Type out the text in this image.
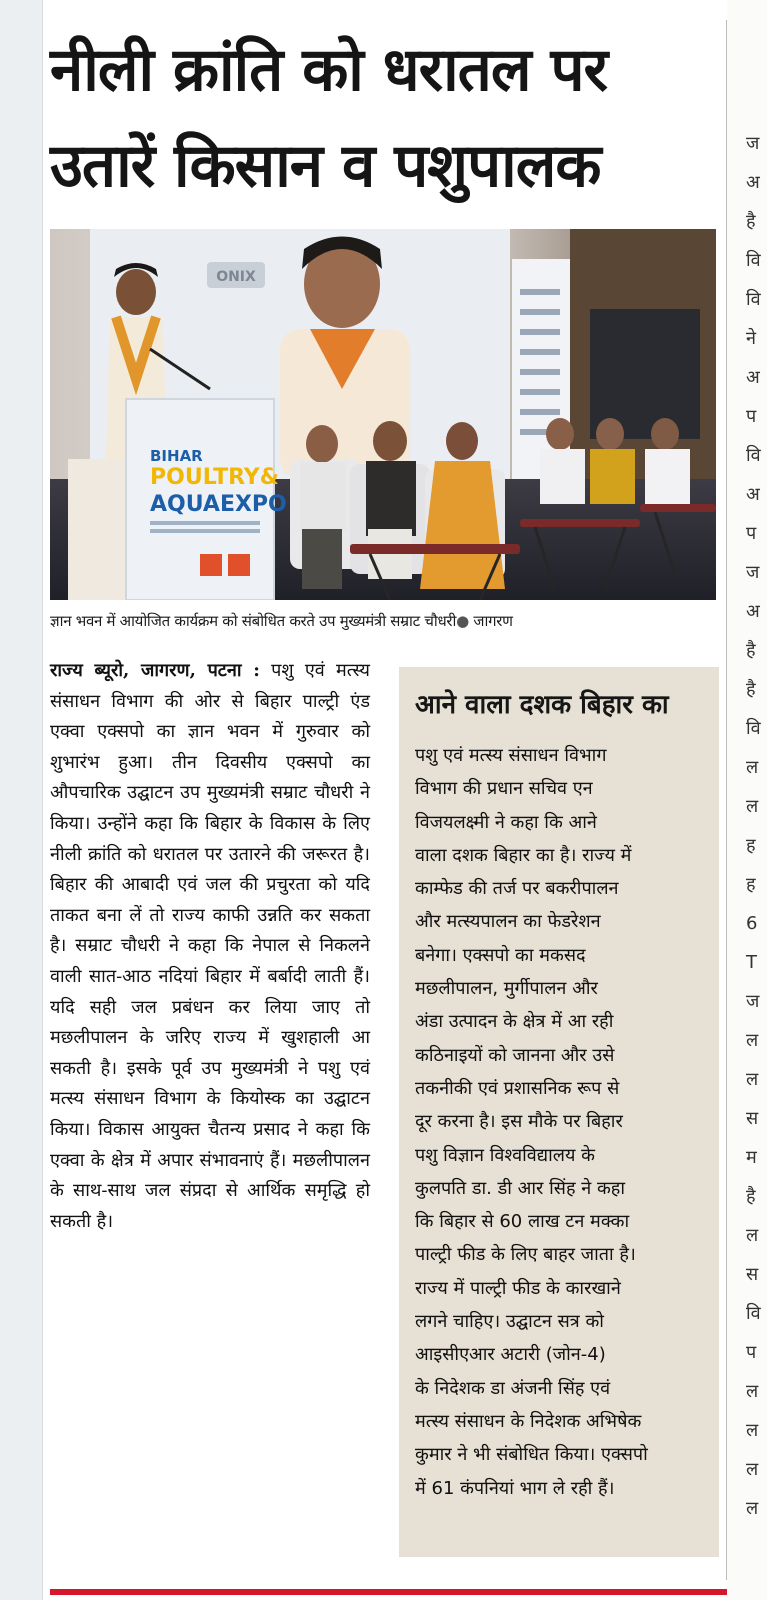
नीली क्रांति को धरातल पर उतारें किसान व पशुपालक
ONIX
BIHAR
POULTRY&
AQUAEXPO
ज्ञान भवन में आयोजित कार्यक्रम को संबोधित करते उप मुख्यमंत्री सम्राट चौधरी● जागरण
राज्य ब्यूरो, जागरण, पटना : पशु एवं मत्स्य संसाधन विभाग की ओर से बिहार पाल्ट्री एंड एक्वा एक्सपो का ज्ञान भवन में गुरुवार को शुभारंभ हुआ। तीन दिवसीय एक्सपो का औपचारिक उद्घाटन उप मुख्यमंत्री सम्राट चौधरी ने किया। उन्होंने कहा कि बिहार के विकास के लिए नीली क्रांति को धरातल पर उतारने की जरूरत है। बिहार की आबादी एवं जल की प्रचुरता को यदि ताकत बना लें तो राज्य काफी उन्नति कर सकता है। सम्राट चौधरी ने कहा कि नेपाल से निकलने वाली सात-आठ नदियां बिहार में बर्बादी लाती हैं। यदि सही जल प्रबंधन कर लिया जाए तो मछलीपालन के जरिए राज्य में खुशहाली आ सकती है। इसके पूर्व उप मुख्यमंत्री ने पशु एवं मत्स्य संसाधन विभाग के कियोस्क का उद्घाटन किया। विकास आयुक्त चैतन्य प्रसाद ने कहा कि एक्वा के क्षेत्र में अपार संभावनाएं हैं। मछलीपालन के साथ-साथ जल संप्रदा से आर्थिक समृद्धि हो सकती है।
आने वाला दशक बिहार का
पशु एवं मत्स्य संसाधन विभाग
विभाग की प्रधान सचिव एन
विजयलक्ष्मी ने कहा कि आने
वाला दशक बिहार का है। राज्य में
काम्फेड की तर्ज पर बकरीपालन
और मत्स्यपालन का फेडरेशन
बनेगा। एक्सपो का मकसद
मछलीपालन, मुर्गीपालन और
अंडा उत्पादन के क्षेत्र में आ रही
कठिनाइयों को जानना और उसे
तकनीकी एवं प्रशासनिक रूप से
दूर करना है। इस मौके पर बिहार
पशु विज्ञान विश्वविद्यालय के
कुलपति डा. डी आर सिंह ने कहा
कि बिहार से 60 लाख टन मक्का
पाल्ट्री फीड के लिए बाहर जाता है।
राज्य में पाल्ट्री फीड के कारखाने
लगने चाहिए। उद्घाटन सत्र को
आइसीएआर अटारी (जोन-4)
के निदेशक डा अंजनी सिंह एवं
मत्स्य संसाधन के निदेशक अभिषेक
कुमार ने भी संबोधित किया। एक्सपो
में 61 कंपनियां भाग ले रही हैं।
ज
अ
है
वि
वि
ने
अ
प
वि
अ
प
ज
अ
है
है
वि
ल
ल
ह
ह
6
T
ज
ल
ल
स
म
है
ल
स
वि
प
ल
ल
ल
ल
